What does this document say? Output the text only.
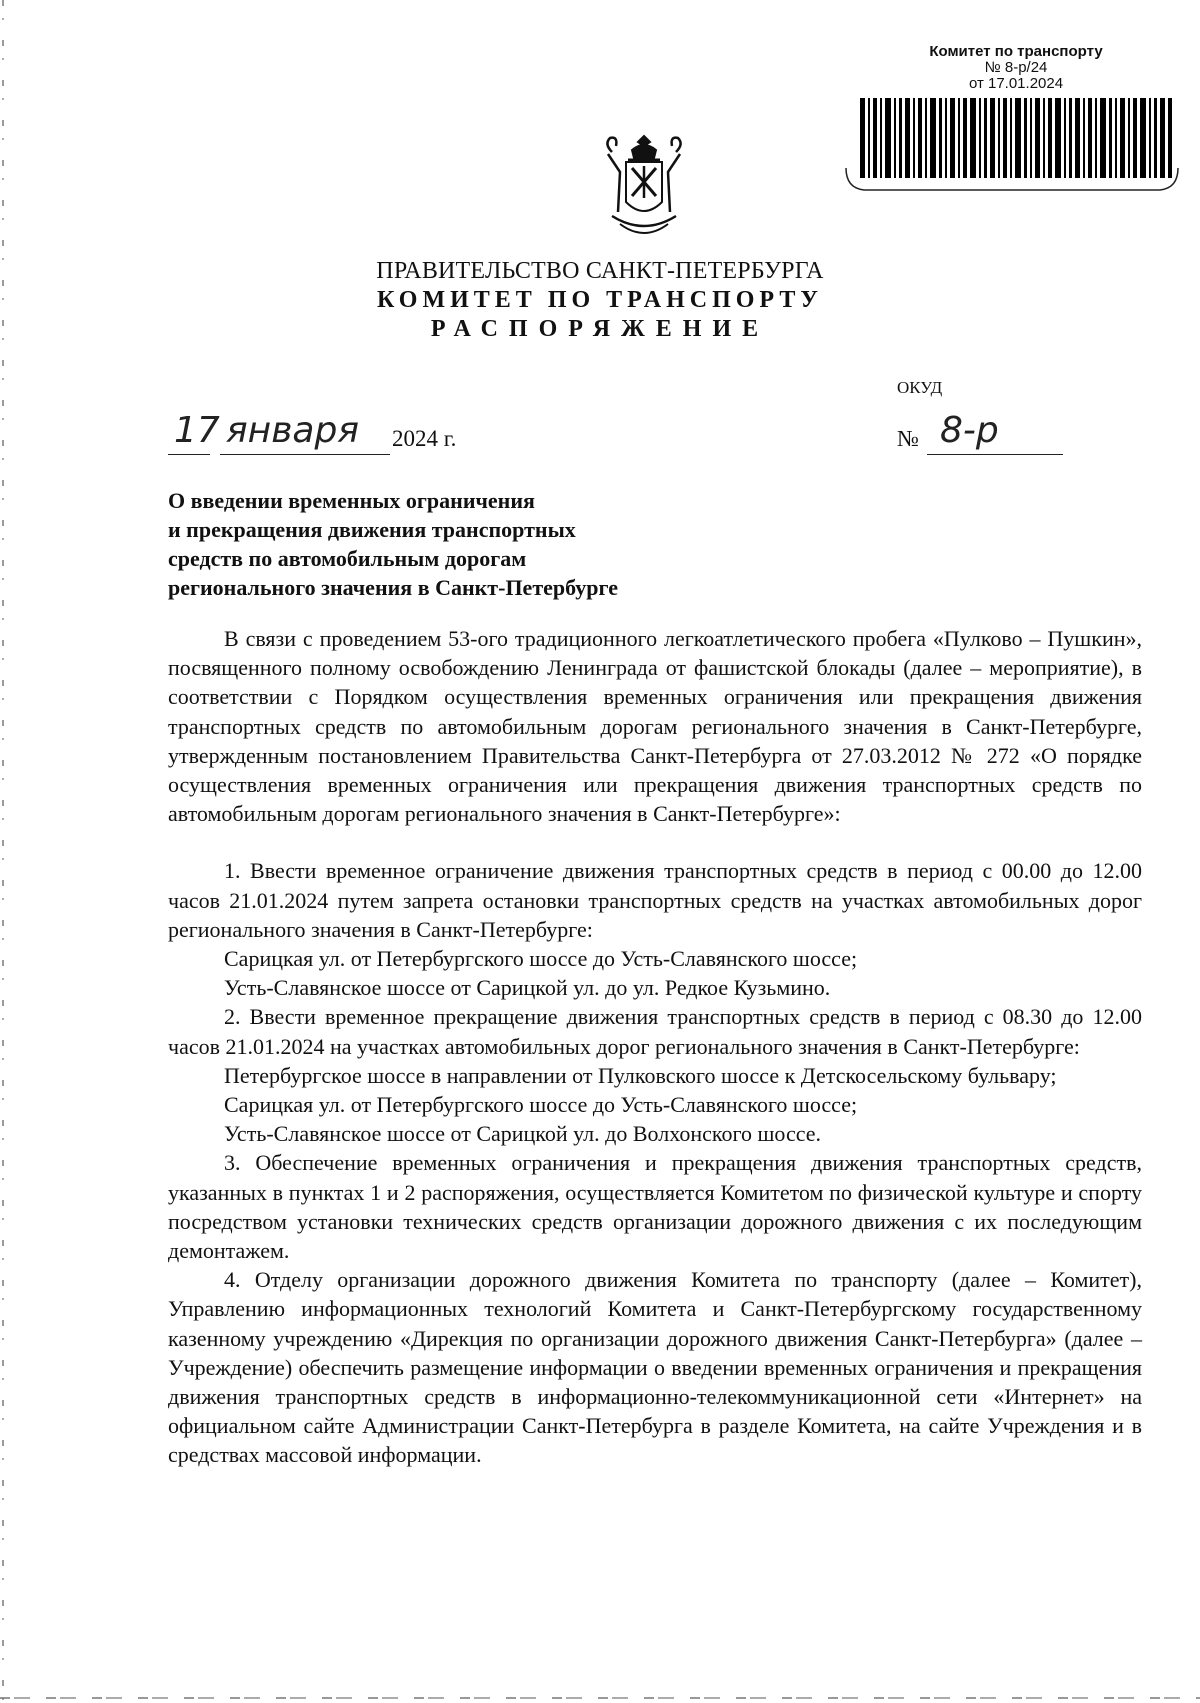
Комитет по транспорту
№ 8-р/24
от 17.01.2024
ПРАВИТЕЛЬСТВО САНКТ-ПЕТЕРБУРГА
КОМИТЕТ ПО ТРАНСПОРТУ
РАСПОРЯЖЕНИЕ
ОКУД
17 января 2024 г.	№ 8-р
О введении временных ограничения
и прекращения движения транспортных
средств по автомобильным дорогам
регионального значения в Санкт-Петербурге

В связи с проведением 53-ого традиционного легкоатлетического пробега «Пулково – Пушкин», посвященного полному освобождению Ленинграда от фашистской блокады (далее – мероприятие), в соответствии с Порядком осуществления временных ограничения или прекращения движения транспортных средств по автомобильным дорогам регионального значения в Санкт-Петербурге, утвержденным постановлением Правительства Санкт-Петербурга от 27.03.2012 № 272 «О порядке осуществления временных ограничения или прекращения движения транспортных средств по автомобильным дорогам регионального значения в Санкт-Петербурге»:

1. Ввести временное ограничение движения транспортных средств в период с 00.00 до 12.00 часов 21.01.2024 путем запрета остановки транспортных средств на участках автомобильных дорог регионального значения в Санкт-Петербурге:

Сарицкая ул. от Петербургского шоссе до Усть-Славянского шоссе;

Усть-Славянское шоссе от Сарицкой ул. до ул. Редкое Кузьмино.

2. Ввести временное прекращение движения транспортных средств в период с 08.30 до 12.00 часов 21.01.2024 на участках автомобильных дорог регионального значения в Санкт-Петербурге:

Петербургское шоссе в направлении от Пулковского шоссе к Детскосельскому бульвару;

Сарицкая ул. от Петербургского шоссе до Усть-Славянского шоссе;

Усть-Славянское шоссе от Сарицкой ул. до Волхонского шоссе.

3. Обеспечение временных ограничения и прекращения движения транспортных средств, указанных в пунктах 1 и 2 распоряжения, осуществляется Комитетом по физической культуре и спорту посредством установки технических средств организации дорожного движения с их последующим демонтажем.

4. Отделу организации дорожного движения Комитета по транспорту (далее – Комитет), Управлению информационных технологий Комитета и Санкт-Петербургскому государственному казенному учреждению «Дирекция по организации дорожного движения Санкт-Петербурга» (далее – Учреждение) обеспечить размещение информации о введении временных ограничения и прекращения движения транспортных средств в информационно-телекоммуникационной сети «Интернет» на официальном сайте Администрации Санкт-Петербурга в разделе Комитета, на сайте Учреждения и в средствах массовой информации.
